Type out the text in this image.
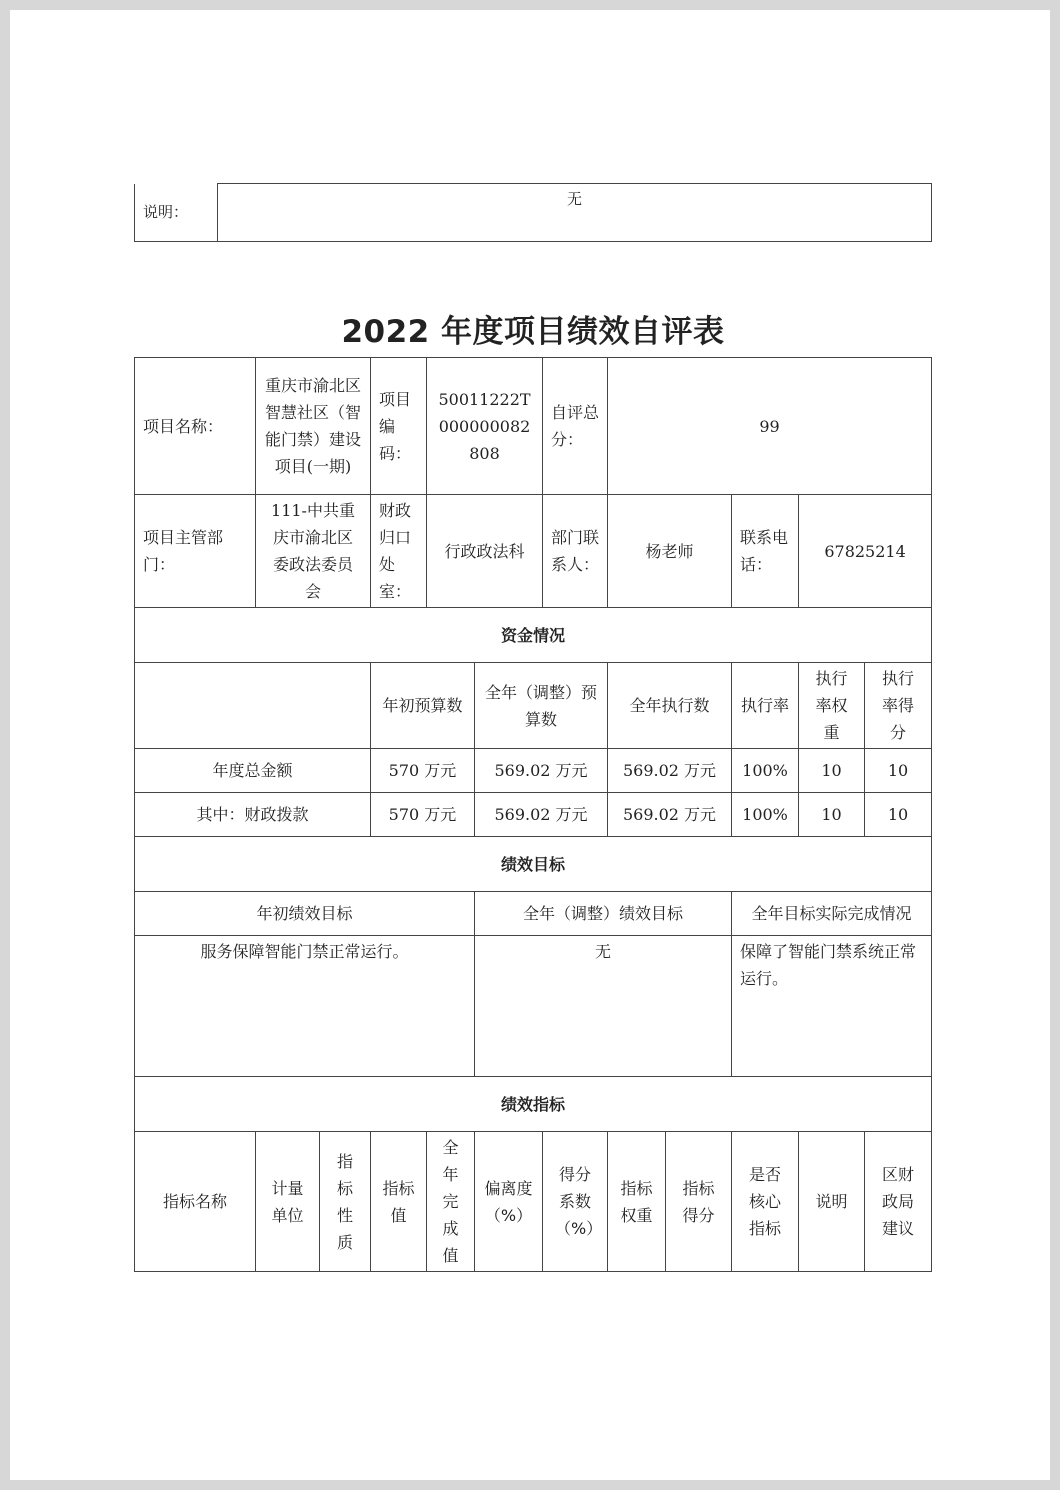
说明：	无
2022 年度项目绩效自评表
项目名称：	重庆市渝北区智慧社区（智能门禁）建设项目(一期)		项目编码：	50011222T000000082808		自评总分：	99				
项目主管部门：	111-中共重庆市渝北区委政法委员会		财政归口处室：	行政政法科		部门联系人：	杨老师		联系电话：	67825214	
资金情况											
			年初预算数		全年（调整）预算数		全年执行数		执行率	执行率权重	执行率得分
年度总金额			570 万元		569.02 万元		569.02 万元		100%	10	10
其中：财政拨款			570 万元		569.02 万元		569.02 万元		100%	10	10
绩效目标											
年初绩效目标					全年（调整）绩效目标				全年目标实际完成情况		
服务保障智能门禁正常运行。					无				保障了智能门禁系统正常运行。		
绩效指标											
指标名称	计量单位	指标性质	指标值	全年完成值	偏离度（%）	得分系数（%）	指标权重	指标得分	是否核心指标	说明	区财政局建议
